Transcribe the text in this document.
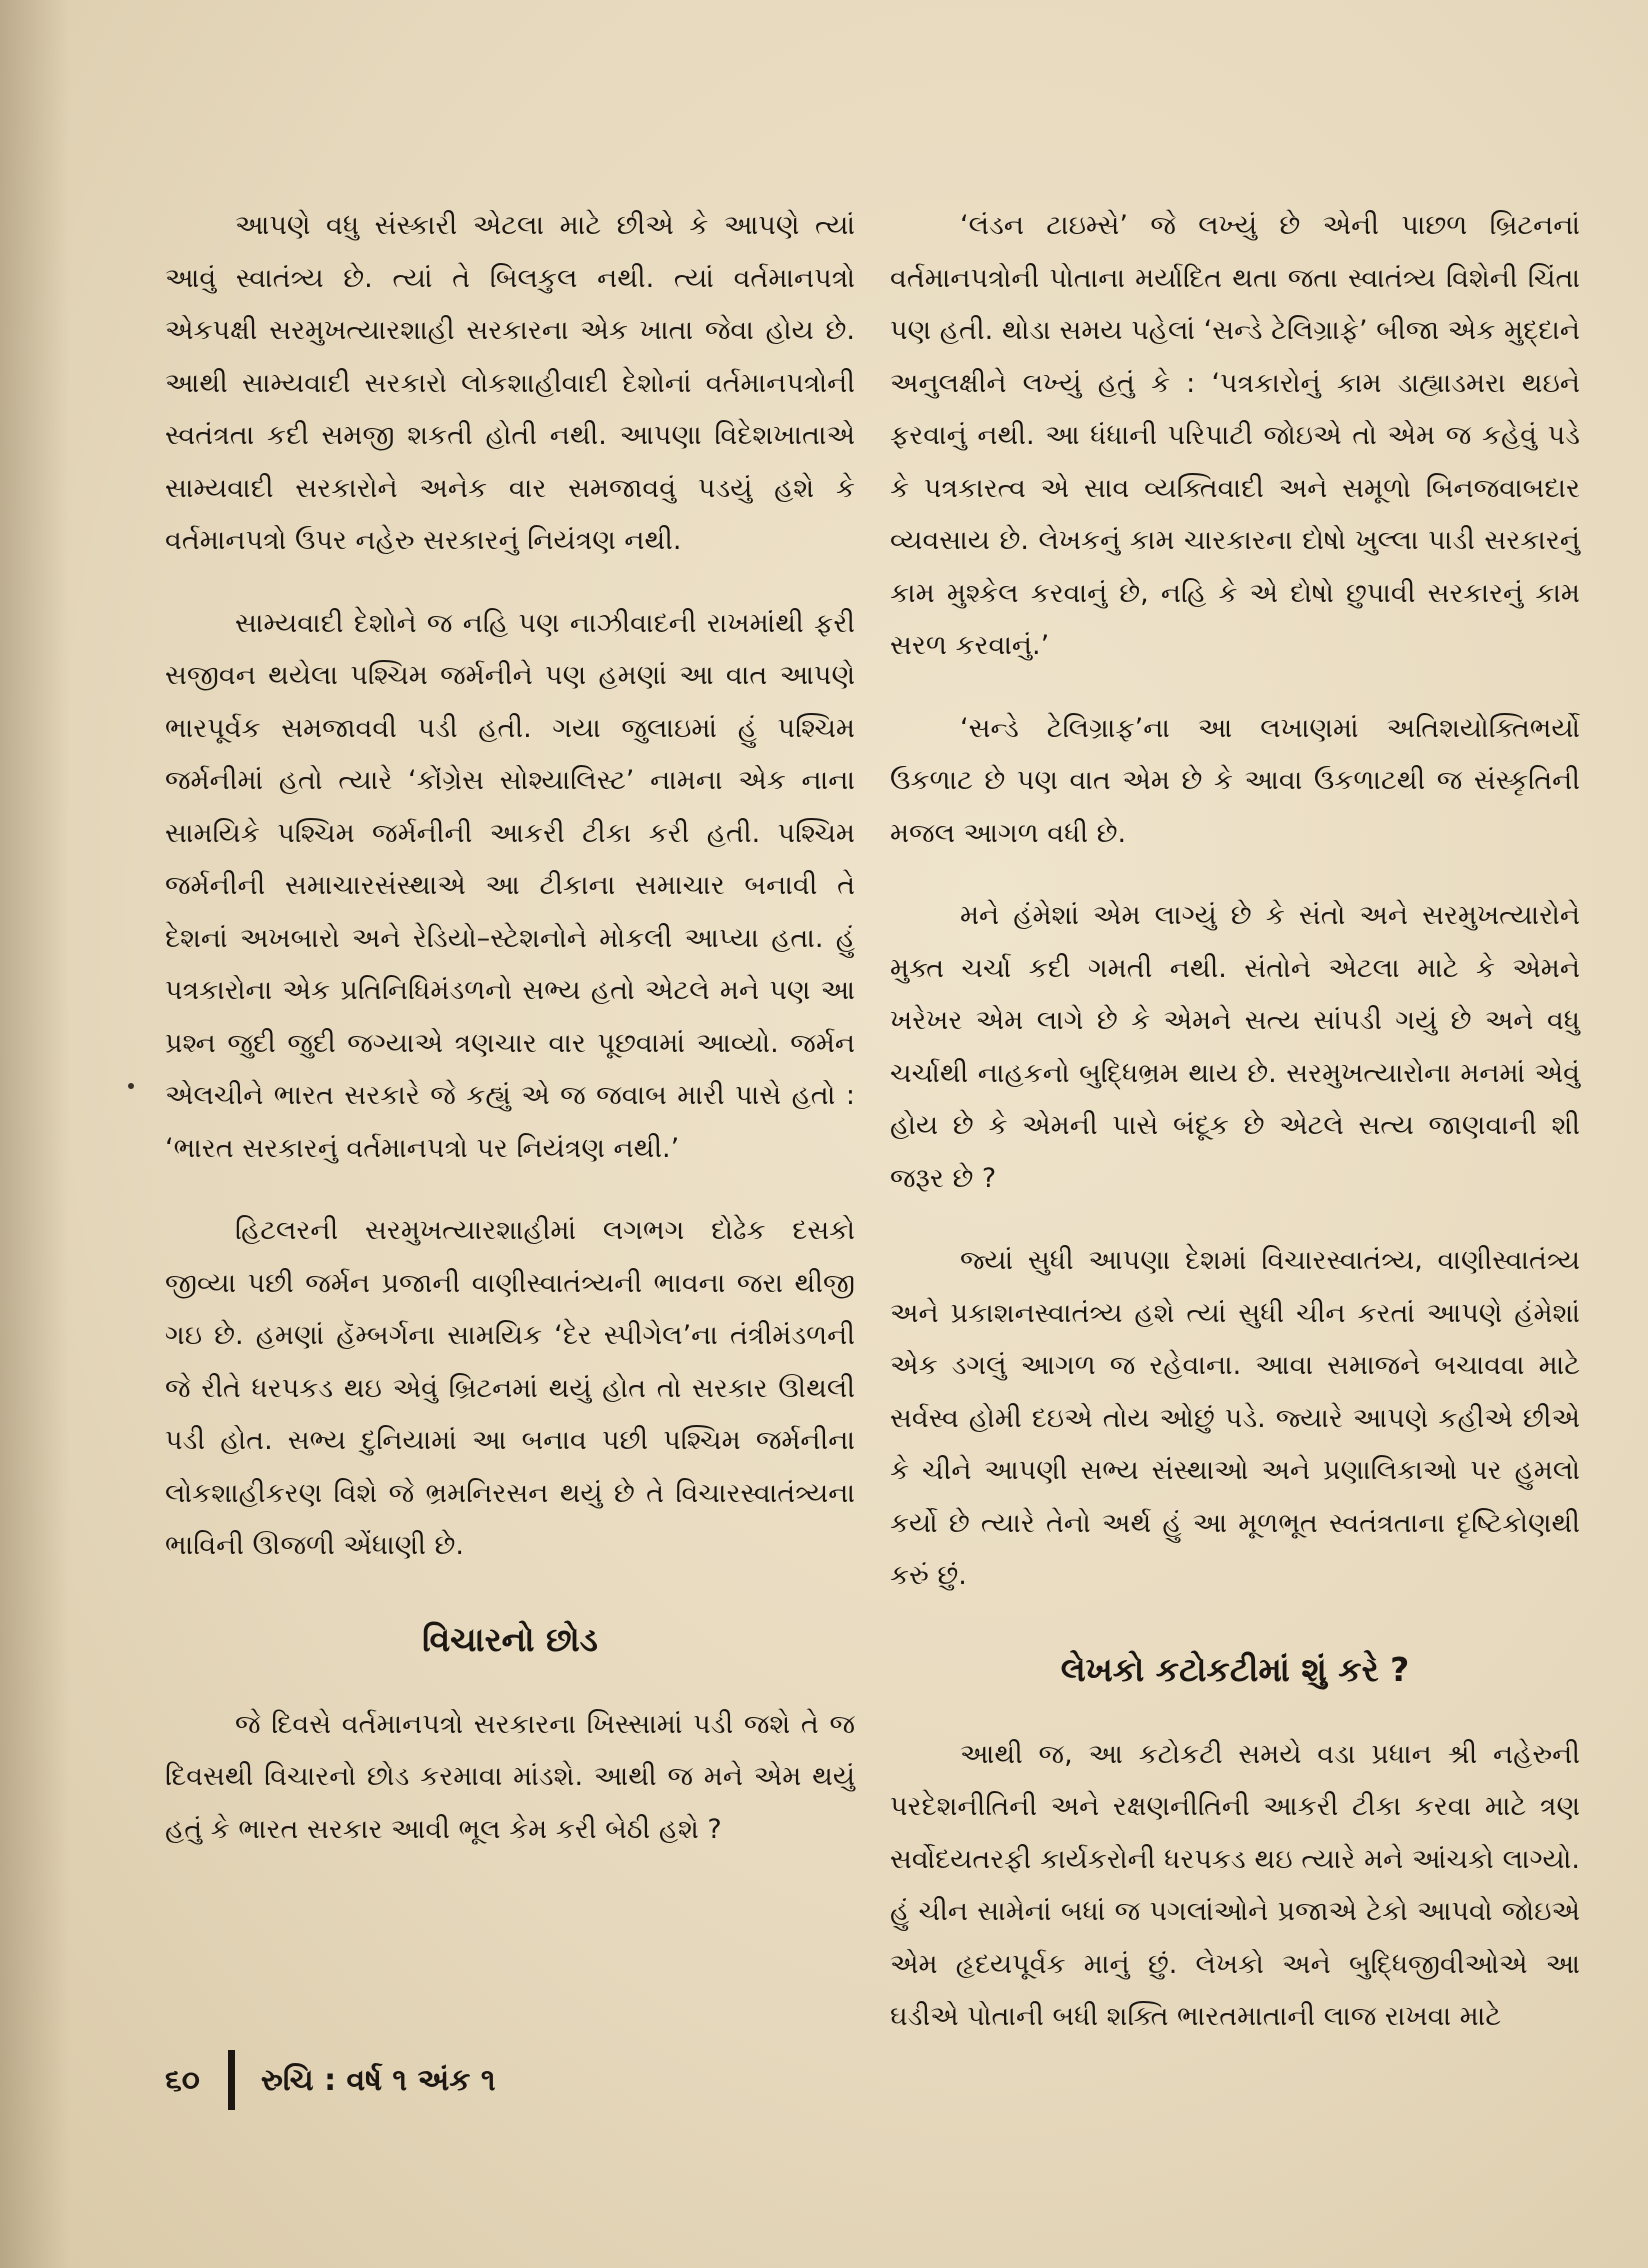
આપણે વધુ સંસ્કારી એટલા માટે છીએ કે આપણે ત્યાં આવું સ્વાતંત્ર્ય છે. ત્યાં તે બિલકુલ નથી. ત્યાં વર્તમાનપત્રો એકપક્ષી સરમુખત્યારશાહી સરકારના એક ખાતા જેવા હોય છે. આથી સામ્યવાદી સરકારો લોકશાહીવાદી દેશોનાં વર્તમાનપત્રોની સ્વતંત્રતા કદી સમજી શકતી હોતી નથી. આપણા વિદેશખાતાએ સામ્યવાદી સરકારોને અનેક વાર સમજાવવું પડયું હશે કે વર્તમાનપત્રો ઉપર નહેરુ સરકારનું નિયંત્રણ નથી.

સામ્યવાદી દેશોને જ નહિ પણ નાઝીવાદની રાખમાંથી ફરી સજીવન થયેલા પશ્ચિમ જર્મનીને પણ હમણાં આ વાત આપણે ભારપૂર્વક સમજાવવી પડી હતી. ગયા જુલાઇમાં હું પશ્ચિમ જર્મનીમાં હતો ત્યારે ‘કોંગ્રેસ સોશ્યાલિસ્ટ’ નામના એક નાના સામયિકે પશ્ચિમ જર્મનીની આકરી ટીકા કરી હતી. પશ્ચિમ જર્મનીની સમાચારસંસ્થાએ આ ટીકાના સમાચાર બનાવી તે દેશનાં અખબારો અને રેડિયો–સ્ટેશનોને મોકલી આપ્યા હતા. હું પત્રકારોના એક પ્રતિનિધિમંડળનો સભ્ય હતો એટલે મને પણ આ પ્રશ્ન જુદી જુદી જગ્યાએ ત્રણચાર વાર પૂછવામાં આવ્યો. જર્મન એલચીને ભારત સરકારે જે કહ્યું એ જ જવાબ મારી પાસે હતો : ‘ભારત સરકારનું વર્તમાનપત્રો પર નિયંત્રણ નથી.’

હિટલરની સરમુખત્યારશાહીમાં લગભગ દોઢેક દસકો જીવ્યા પછી જર્મન પ્રજાની વાણીસ્વાતંત્ર્યની ભાવના જરા થીજી ગઇ છે. હમણાં હૅમ્બર્ગના સામયિક ‘દેર સ્પીગેલ’ના તંત્રીમંડળની જે રીતે ધરપકડ થઇ એવું બ્રિટનમાં થયું હોત તો સરકાર ઊથલી પડી હોત. સભ્ય દુનિયામાં આ બનાવ પછી પશ્ચિમ જર્મનીના લોકશાહીકરણ વિશે જે ભ્રમનિરસન થયું છે તે વિચારસ્વાતંત્ર્યના ભાવિની ઊજળી એંધાણી છે.

વિચારનો છોડ

જે દિવસે વર્તમાનપત્રો સરકારના ખિસ્સામાં પડી જશે તે જ દિવસથી વિચારનો છોડ કરમાવા માંડશે. આથી જ મને એમ થયું હતું કે ભારત સરકાર આવી ભૂલ કેમ કરી બેઠી હશે ?

‘લંડન ટાઇમ્સે’ જે લખ્યું છે એની પાછળ બ્રિટનનાં વર્તમાનપત્રોની પોતાના મર્યાદિત થતા જતા સ્વાતંત્ર્ય વિશેની ચિંતા પણ હતી. થોડા સમય પહેલાં ‘સન્ડે ટેલિગ્રાફે’ બીજા એક મુદ્દાને અનુલક્ષીને લખ્યું હતું કે : ‘પત્રકારોનું કામ ડાહ્યાડમરા થઇને ફરવાનું નથી. આ ધંધાની પરિપાટી જોઇએ તો એમ જ કહેવું પડે કે પત્રકારત્વ એ સાવ વ્યક્તિવાદી અને સમૂળો બિનજવાબદાર વ્યવસાય છે. લેખકનું કામ ચારકારના દોષો ખુલ્લા પાડી સરકારનું કામ મુશ્કેલ કરવાનું છે, નહિ કે એ દોષો છુપાવી સરકારનું કામ સરળ કરવાનું.’

‘સન્ડે ટેલિગ્રાફ’ના આ લખાણમાં અતિશયોક્તિભર્યો ઉકળાટ છે પણ વાત એમ છે કે આવા ઉકળાટથી જ સંસ્કૃતિની મજલ આગળ વધી છે.

મને હંમેશાં એમ લાગ્યું છે કે સંતો અને સરમુખત્યારોને મુક્ત ચર્ચા કદી ગમતી નથી. સંતોને એટલા માટે કે એમને ખરેખર એમ લાગે છે કે એમને સત્ય સાંપડી ગયું છે અને વધુ ચર્ચાથી નાહકનો બુદ્ધિભ્રમ થાય છે. સરમુખત્યારોના મનમાં એવું હોય છે કે એમની પાસે બંદૂક છે એટલે સત્ય જાણવાની શી જરૂર છે ?

જ્યાં સુધી આપણા દેશમાં વિચારસ્વાતંત્ર્ય, વાણીસ્વાતંત્ર્ય અને પ્રકાશનસ્વાતંત્ર્ય હશે ત્યાં સુધી ચીન કરતાં આપણે હંમેશાં એક ડગલું આગળ જ રહેવાના. આવા સમાજને બચાવવા માટે સર્વસ્વ હોમી દઇએ તોય ઓછું પડે. જ્યારે આપણે કહીએ છીએ કે ચીને આપણી સભ્ય સંસ્થાઓ અને પ્રણાલિકાઓ પર હુમલો કર્યો છે ત્યારે તેનો અર્થ હું આ મૂળભૂત સ્વતંત્રતાના દૃષ્ટિકોણથી કરું છું.

લેખકો કટોકટીમાં શું કરે ?

આથી જ, આ કટોકટી સમયે વડા પ્રધાન શ્રી નહેરુની પરદેશનીતિની અને રક્ષણનીતિની આકરી ટીકા કરવા માટે ત્રણ સર્વોદયતરફી કાર્યકરોની ધરપકડ થઇ ત્યારે મને આંચકો લાગ્યો. હું ચીન સામેનાં બધાં જ પગલાંઓને પ્રજાએ ટેકો આપવો જોઇએ એમ હૃદયપૂર્વક માનું છું. લેખકો અને બુદ્ધિજીવીઓએ આ ઘડીએ પોતાની બધી શક્તિ ભારતમાતાની લાજ રાખવા માટે

૬૦ રુચિ : વર્ષ ૧ અંક ૧
